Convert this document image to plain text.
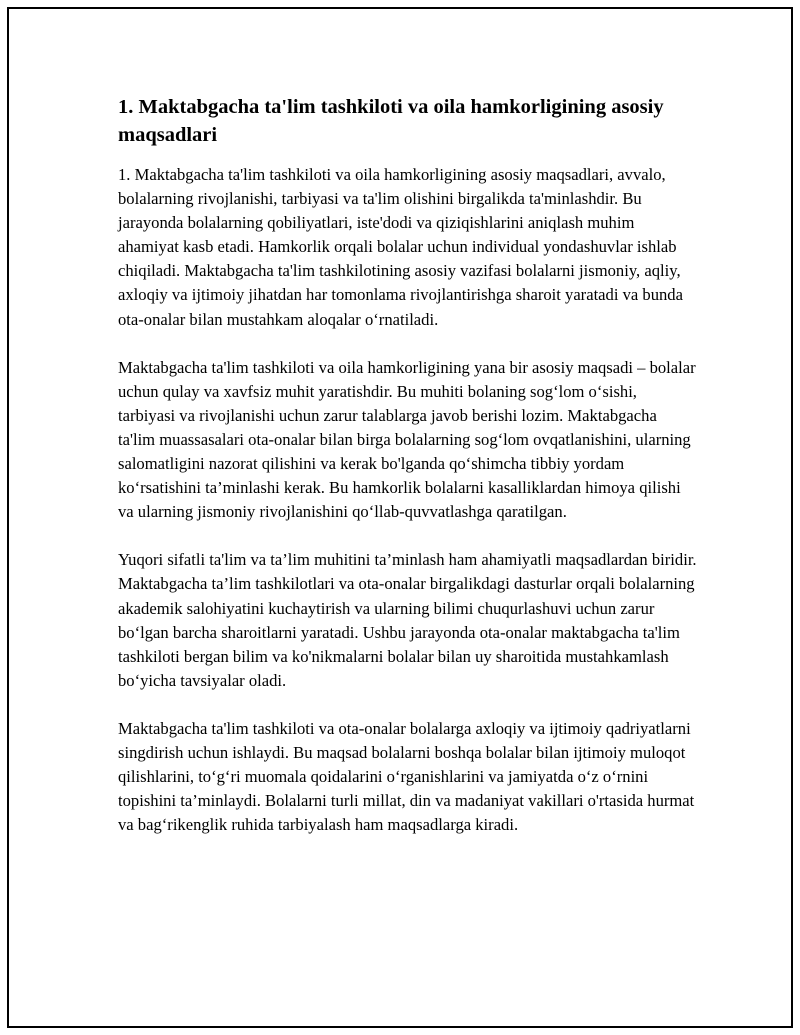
1. Maktabgacha ta'lim tashkiloti va oila hamkorligining asosiy maqsadlari

1. Maktabgacha ta'lim tashkiloti va oila hamkorligining asosiy maqsadlari, avvalo, bolalarning rivojlanishi, tarbiyasi va ta'lim olishini birgalikda ta'minlashdir. Bu jarayonda bolalarning qobiliyatlari, iste'dodi va qiziqishlarini aniqlash muhim ahamiyat kasb etadi. Hamkorlik orqali bolalar uchun individual yondashuvlar ishlab chiqiladi. Maktabgacha ta'lim tashkilotining asosiy vazifasi bolalarni jismoniy, aqliy, axloqiy va ijtimoiy jihatdan har tomonlama rivojlantirishga sharoit yaratadi va bunda ota-onalar bilan mustahkam aloqalar o‘rnatiladi.

Maktabgacha ta'lim tashkiloti va oila hamkorligining yana bir asosiy maqsadi – bolalar uchun qulay va xavfsiz muhit yaratishdir. Bu muhiti bolaning sog‘lom o‘sishi, tarbiyasi va rivojlanishi uchun zarur talablarga javob berishi lozim. Maktabgacha ta'lim muassasalari ota-onalar bilan birga bolalarning sog‘lom ovqatlanishini, ularning salomatligini nazorat qilishini va kerak bo'lganda qo‘shimcha tibbiy yordam ko‘rsatishini ta’minlashi kerak. Bu hamkorlik bolalarni kasalliklardan himoya qilishi va ularning jismoniy rivojlanishini qo‘llab-quvvatlashga qaratilgan.

Yuqori sifatli ta'lim va ta’lim muhitini ta’minlash ham ahamiyatli maqsadlardan biridir. Maktabgacha ta’lim tashkilotlari va ota-onalar birgalikdagi dasturlar orqali bolalarning akademik salohiyatini kuchaytirish va ularning bilimi chuqurlashuvi uchun zarur bo‘lgan barcha sharoitlarni yaratadi. Ushbu jarayonda ota-onalar maktabgacha ta'lim tashkiloti bergan bilim va ko'nikmalarni bolalar bilan uy sharoitida mustahkamlash bo‘yicha tavsiyalar oladi.

Maktabgacha ta'lim tashkiloti va ota-onalar bolalarga axloqiy va ijtimoiy qadriyatlarni singdirish uchun ishlaydi. Bu maqsad bolalarni boshqa bolalar bilan ijtimoiy muloqot qilishlarini, to‘g‘ri muomala qoidalarini o‘rganishlarini va jamiyatda o‘z o‘rnini topishini ta’minlaydi. Bolalarni turli millat, din va madaniyat vakillari o'rtasida hurmat va bag‘rikenglik ruhida tarbiyalash ham maqsadlarga kiradi.
